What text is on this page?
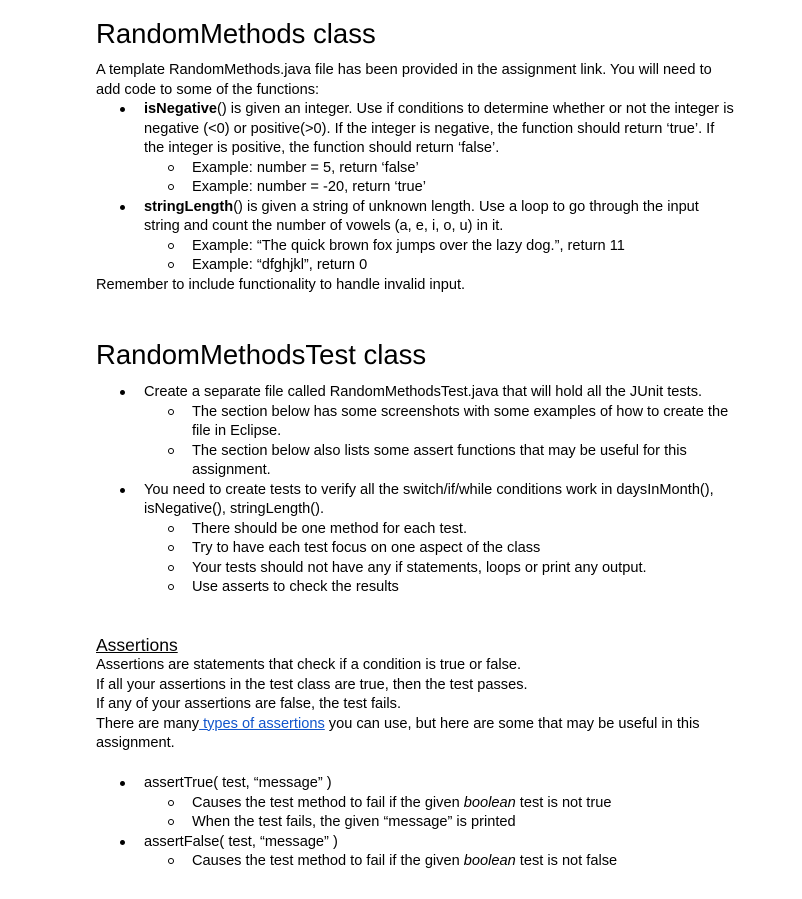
RandomMethods class

A template RandomMethods.java file has been provided in the assignment link. You will need to add code to some of the functions:

isNegative() is given an integer. Use if conditions to determine whether or not the integer is negative (<0) or positive(>0). If the integer is negative, the function should return ‘true’. If the integer is positive, the function should return ‘false’.
Example: number = 5, return ‘false’
Example: number = -20, return ‘true’
stringLength() is given a string of unknown length. Use a loop to go through the input string and count the number of vowels (a, e, i, o, u) in it.
Example: “The quick brown fox jumps over the lazy dog.”, return 11
Example: “dfghjkl”, return 0

Remember to include functionality to handle invalid input.

RandomMethodsTest class
Create a separate file called RandomMethodsTest.java that will hold all the JUnit tests.
The section below has some screenshots with some examples of how to create the file in Eclipse.
The section below also lists some assert functions that may be useful for this assignment.
You need to create tests to verify all the switch/if/while conditions work in daysInMonth(), isNegative(), stringLength().
There should be one method for each test.
Try to have each test focus on one aspect of the class
Your tests should not have any if statements, loops or print any output.
Use asserts to check the results

Assertions

Assertions are statements that check if a condition is true or false.

If all your assertions in the test class are true, then the test passes.

If any of your assertions are false, the test fails.

There are many types of assertions you can use, but here are some that may be useful in this assignment.

assertTrue( test, “message” )
Causes the test method to fail if the given boolean test is not true
When the test fails, the given “message” is printed
assertFalse( test, “message” )
Causes the test method to fail if the given boolean test is not false
